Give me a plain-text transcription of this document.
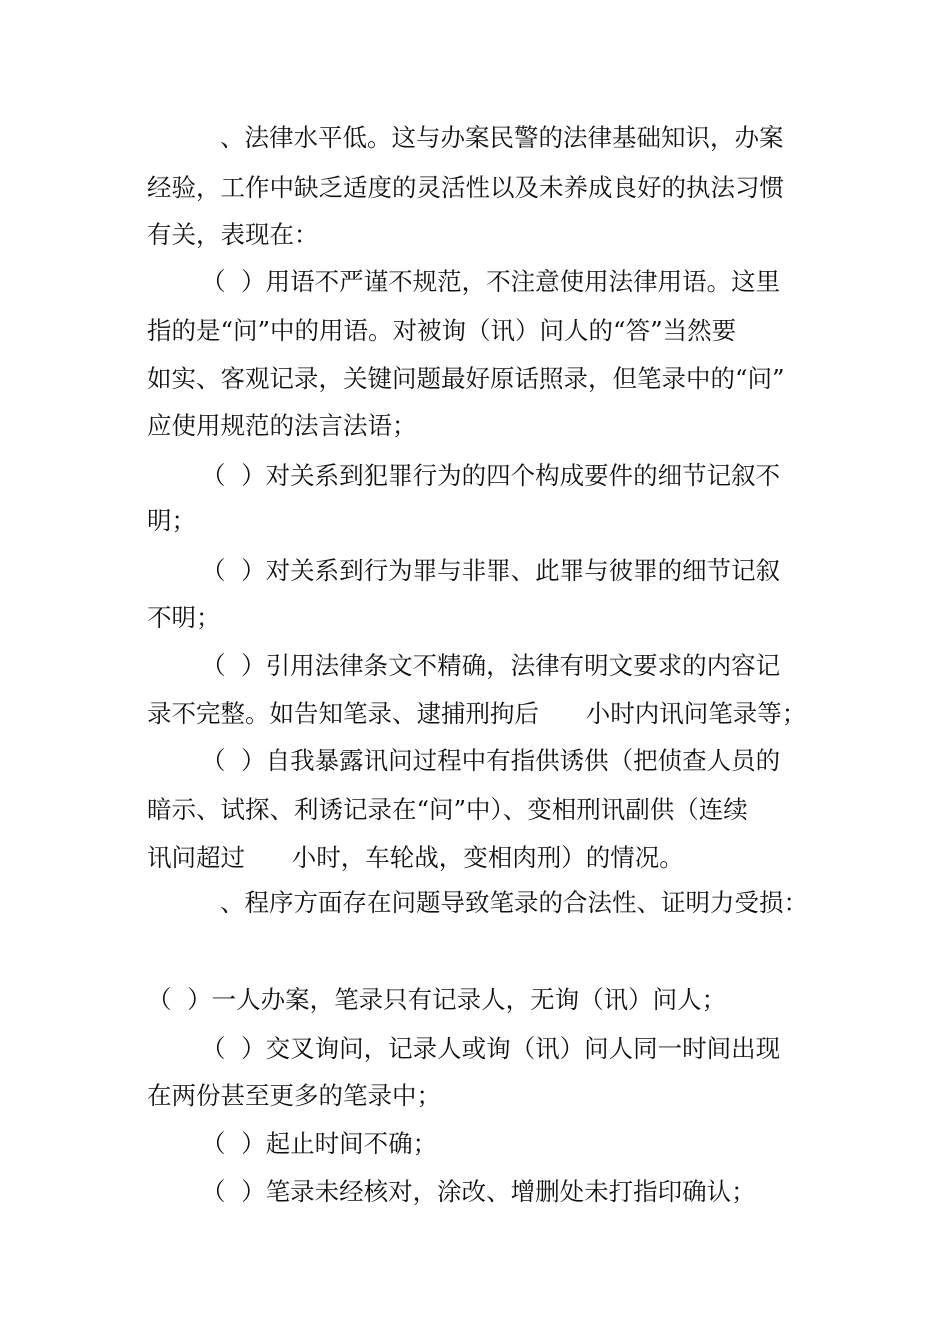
、法律水平低。这与办案民警的法律基础知识，办案

经验，工作中缺乏适度的灵活性以及未养成良好的执法习惯

有关，表现在：

（  ）用语不严谨不规范，不注意使用法律用语。这里

指的是“问”中的用语。对被询（讯）问人的“答”当然要

如实、客观记录，关键问题最好原话照录，但笔录中的“问”

应使用规范的法言法语；

（  ）对关系到犯罪行为的四个构成要件的细节记叙不

明；

（  ）对关系到行为罪与非罪、此罪与彼罪的细节记叙

不明；

（  ）引用法律条文不精确，法律有明文要求的内容记

录不完整。如告知笔录、逮捕刑拘后      小时内讯问笔录等；

（  ）自我暴露讯问过程中有指供诱供（把侦查人员的

暗示、试探、利诱记录在“问”中）、变相刑讯副供（连续

讯问超过      小时，车轮战，变相肉刑）的情况。

、程序方面存在问题导致笔录的合法性、证明力受损：

（  ）一人办案，笔录只有记录人，无询（讯）问人；

（  ）交叉询问，记录人或询（讯）问人同一时间出现

在两份甚至更多的笔录中；

（  ）起止时间不确；

（  ）笔录未经核对，涂改、增删处未打指印确认；
